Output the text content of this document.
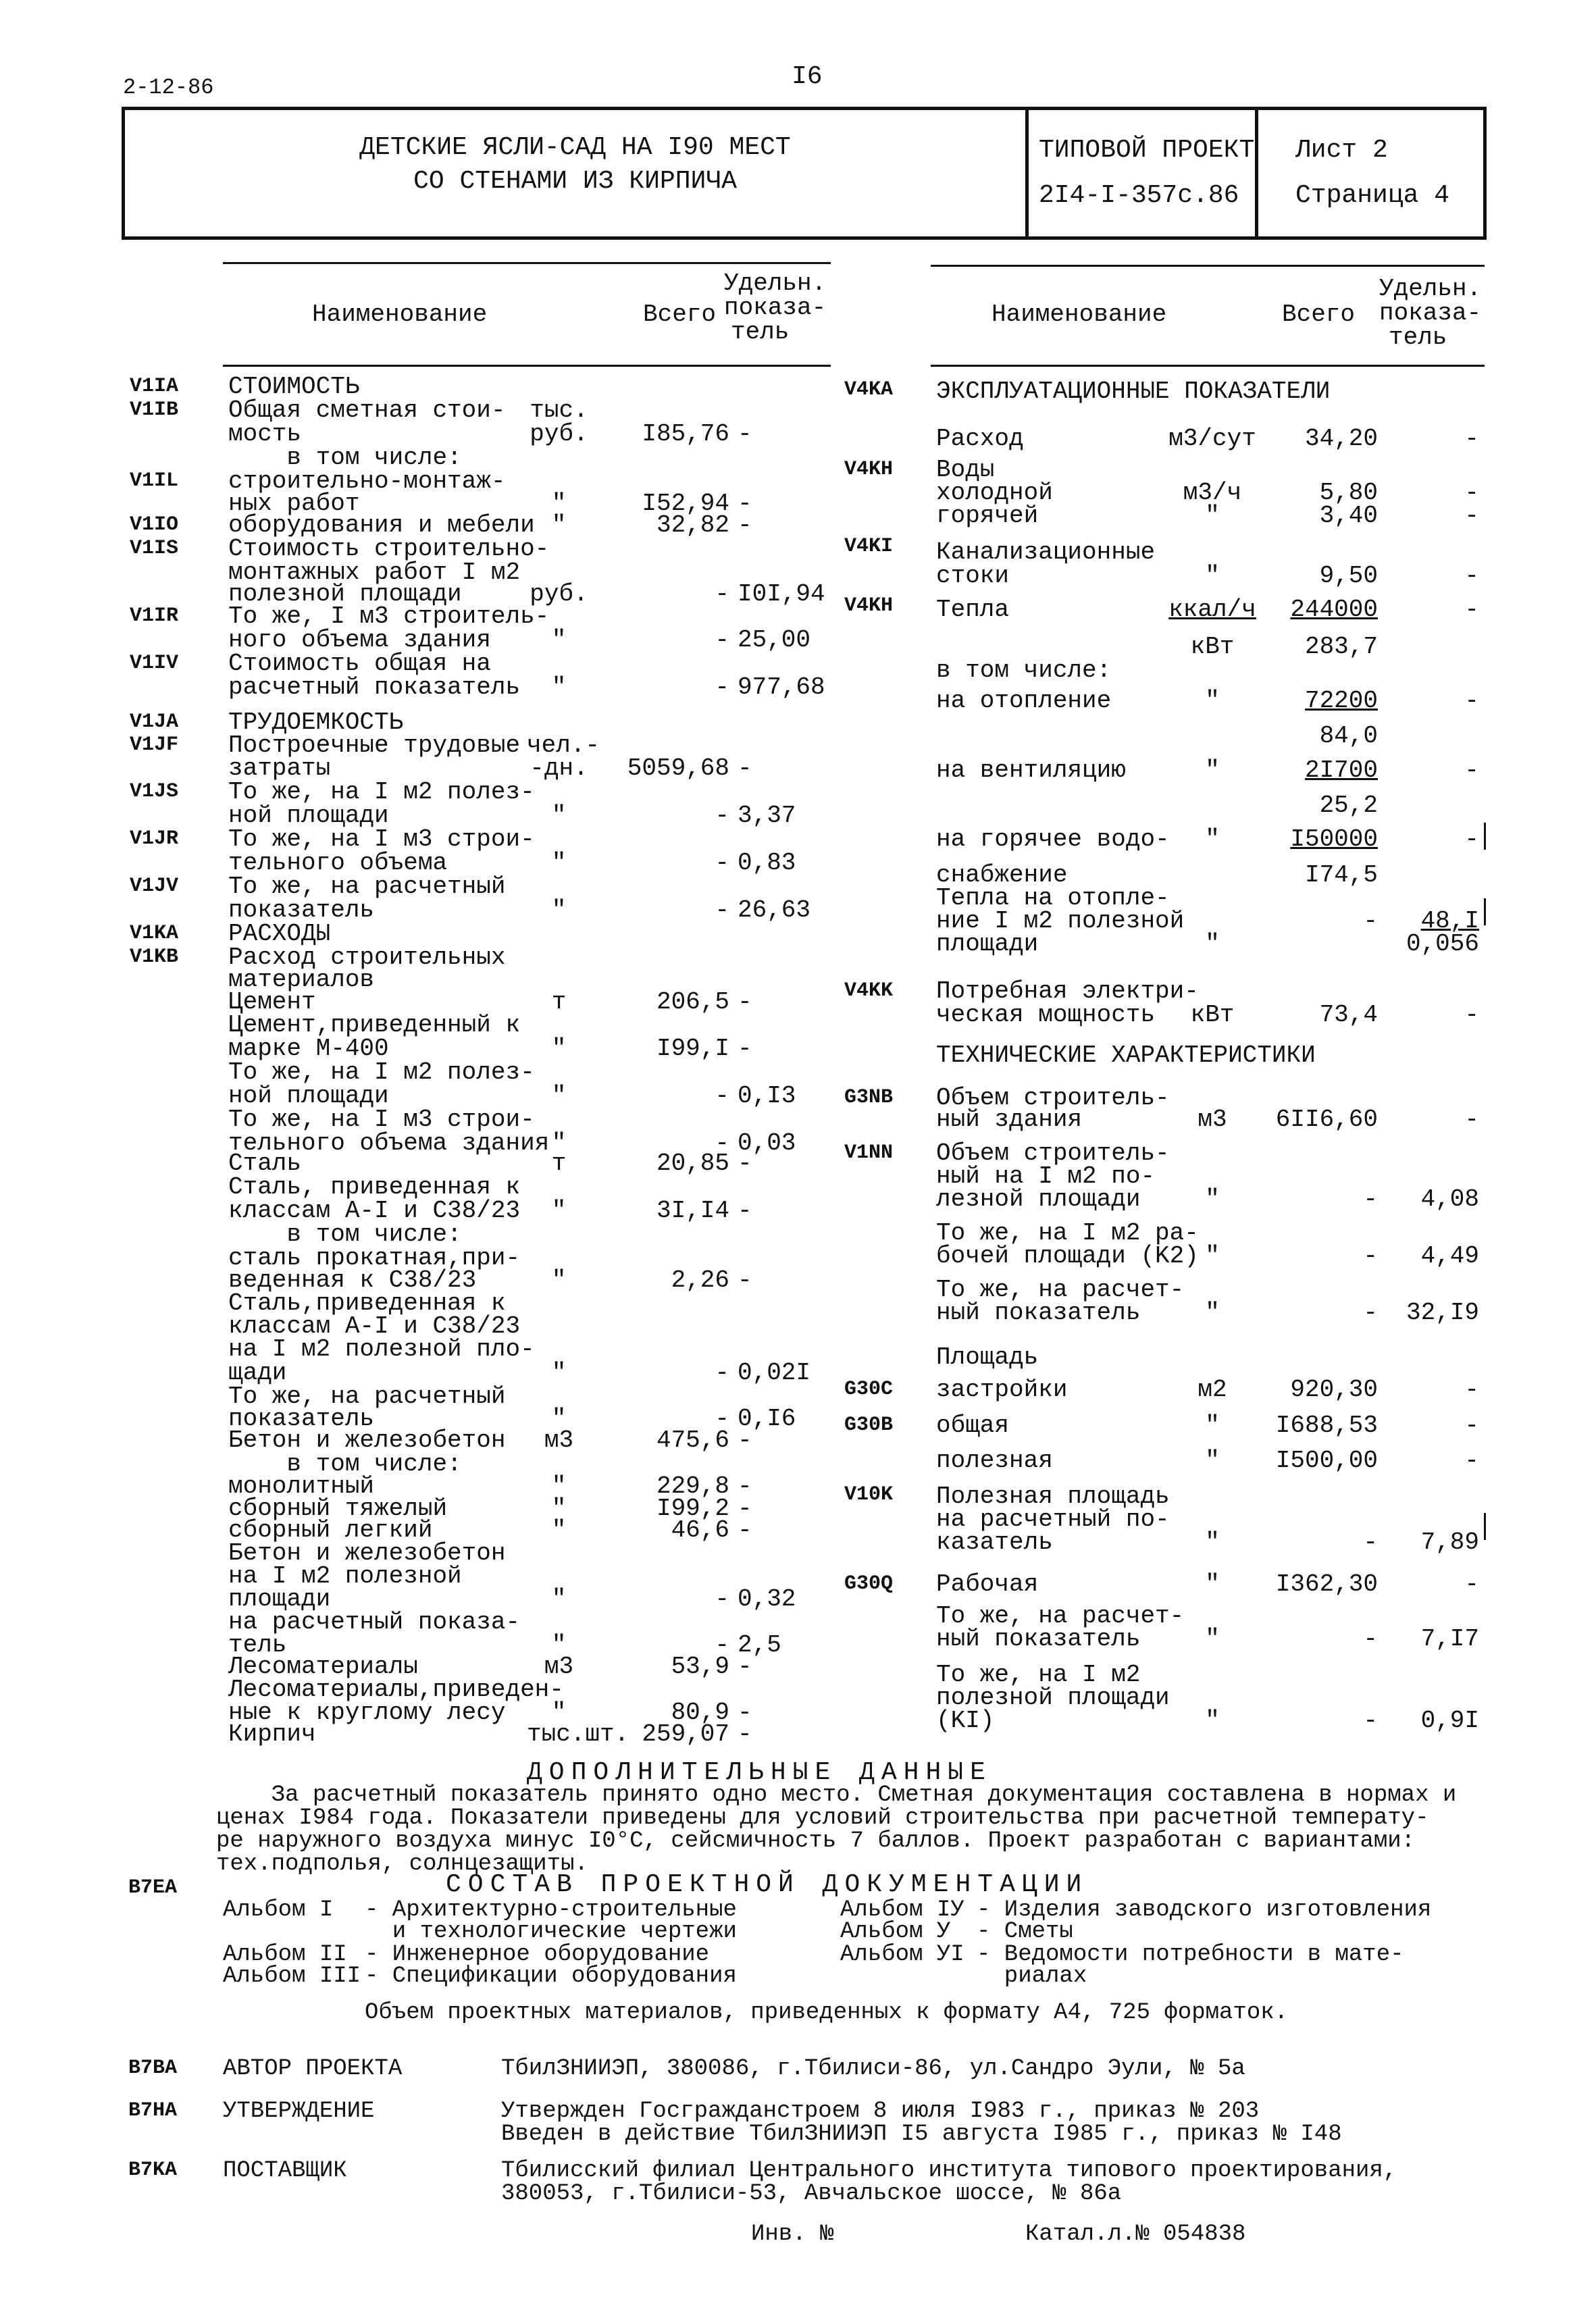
2-12-86	I6
ДЕТСКИЕ ЯСЛИ-САД НА I90 МЕСТ
СО СТЕНАМИ ИЗ КИРПИЧА
ТИПОВОЙ ПРОЕКТ
2I4-I-357с.86
Лист 2
Страница 4
Наименование	Всего
Удельн.
показа-
тель
Наименование	Всего
Удельн.
показа-
тель
V1IA
V1IB
V1IL
V1IO
V1IS
V1IR
V1IV
V1JA
V1JF
V1JS
V1JR
V1JV
V1KA
V1KB
СТОИМОСТЬ
Общая сметная стои- тыс.
мость	руб.	I85,76 -
в том числе:
строительно-монтаж-
ных работ	"	I52,94 -
оборудования и мебели "	32,82 -
Стоимость строительно-
монтажных работ I м2
полезной площади	руб.	- I0I,94
То же, I м3 строитель-
ного объема здания	"	- 25,00
Стоимость общая на
расчетный показатель	"	- 977,68
ТРУДОЕМКОСТЬ
Построечные трудовые чел.-
затраты	-дн.	5059,68 -
То же, на I м2 полез-
ной площади	"	- 3,37
То же, на I м3 строи-
тельного объема	"	- 0,83
То же, на расчетный
показатель	"	- 26,63
РАСХОДЫ
Расход строительных
материалов
Цемент	т	206,5 -
Цемент,приведенный к
марке М-400	"	I99,I -
То же, на I м2 полез-
ной площади	"	- 0,I3
То же, на I м3 строи-
тельного объема здания "	- 0,03
Сталь	т	20,85 -
Сталь, приведенная к
классам А-I и С38/23	"	3I,I4 -
в том числе:
сталь прокатная,при-
веденная к С38/23	"	2,26 -
Сталь,приведенная к
классам А-I и С38/23
на I м2 полезной пло-
щади	"	- 0,02I
То же, на расчетный
показатель	"	- 0,I6
Бетон и железобетон	м3	475,6 -
в том числе:
монолитный	"	229,8 -
сборный тяжелый	"	I99,2 -
сборный легкий	"	46,6 -
Бетон и железобетон
на I м2 полезной
площади	"	- 0,32
на расчетный показа-
тель	"	- 2,5
Лесоматериалы	м3	53,9 -
Лесоматериалы,приведен-
ные к круглому лесу	"	80,9 -
Кирпич	тыс.шт. 259,07 -
V4KA
V4KH
V4KI
V4KH
V4KK
G3NB
V1NN
G30C
G30B
V10K
G30Q
ЭКСПЛУАТАЦИОННЫЕ ПОКАЗАТЕЛИ
Расход	м3/сут	34,20	-
Воды
холодной	м3/ч	5,80	-
горячей	"	3,40	-
Канализационные
стоки	"	9,50	-
Тепла	ккал/ч	244000	-
кВт	283,7
в том числе:
на отопление	"	72200	-
84,0
на вентиляцию	"	2I700	-
25,2
на горячее водо-	"	I50000	-
снабжение	I74,5
Тепла на отопле-
ние I м2 полезной	-	48,I
площади	"	0,056
Потребная электри-
ческая мощность	кВт	73,4	-
ТЕХНИЧЕСКИЕ ХАРАКТЕРИСТИКИ
Объем строитель-
ный здания	м3	6II6,60	-
Объем строитель-
ный на I м2 по-
лезной площади	"	-	4,08
То же, на I м2 ра-
бочей площади (K2) "	-	4,49
То же, на расчет-
ный показатель	"	-	32,I9
Площадь
застройки	м2	920,30	-
общая	"	I688,53	-
полезная	"	I500,00	-
Полезная площадь
на расчетный по-
казатель	"	-	7,89
Рабочая	"	I362,30	-
То же, на расчет-
ный показатель	"	-	7,I7
То же, на I м2
полезной площади
(KI)	"	-	0,9I
ДОПОЛНИТЕЛЬНЫЕ ДАННЫЕ
За расчетный показатель принято одно место. Сметная документация составлена в нормах и
ценах I984 года. Показатели приведены для условий строительства при расчетной температу-
ре наружного воздуха минус I0°С, сейсмичность 7 баллов. Проект разработан с вариантами:
тех.подполья, солнцезащиты.
B7EA	СОСТАВ ПРОЕКТНОЙ ДОКУМЕНТАЦИИ
Альбом I - Архитектурно-строительные
и технологические чертежи
Альбом II - Инженерное оборудование
Альбом III - Спецификации оборудования
Альбом IУ - Изделия заводского изготовления
Альбом У - Сметы
Альбом УI - Ведомости потребности в мате-
риалах
Объем проектных материалов, приведенных к формату А4, 725 форматок.
B7BA АВТОР ПРОЕКТА	ТбилЗНИИЭП, 380086, г.Тбилиси-86, ул.Сандро Эули, № 5а
B7HA УТВЕРЖДЕНИЕ	Утвержден Госгражданстроем 8 июля I983 г., приказ № 203
Введен в действие ТбилЗНИИЭП I5 августа I985 г., приказ № I48
B7KA ПОСТАВЩИК	Тбилисский филиал Центрального института типового проектирования,
380053, г.Тбилиси-53, Авчальское шоссе, № 86а
Инв. №	Катал.л.№ 054838
